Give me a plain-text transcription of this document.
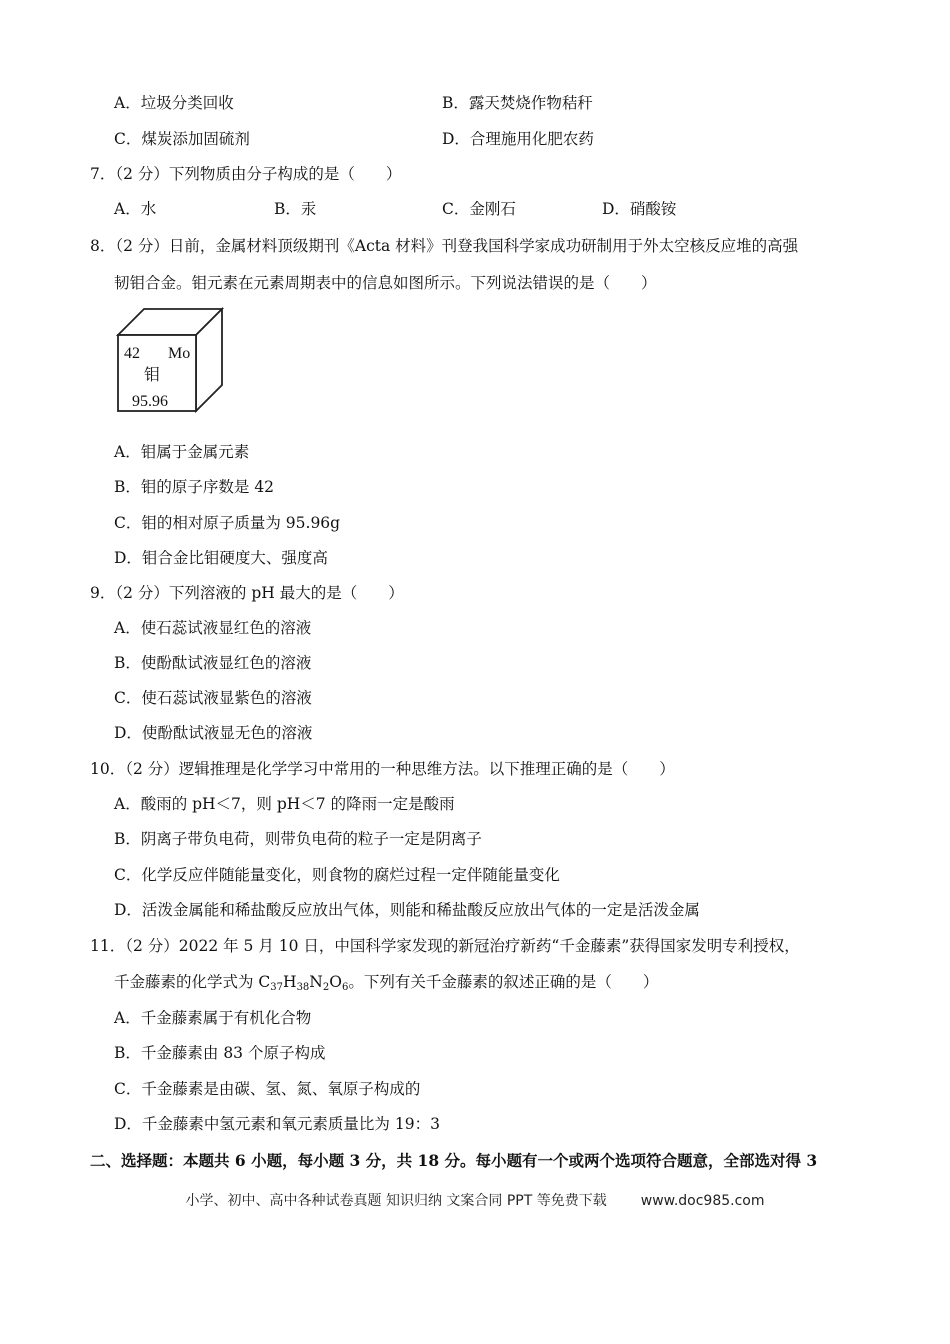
A．垃圾分类回收	B．露天焚烧作物秸秆
C．煤炭添加固硫剂	D．合理施用化肥农药
7．（2 分）下列物质由分子构成的是（　　）
A．水	B．汞	C．金刚石	D．硝酸铵
8．（2 分）日前，金属材料顶级期刊《Acta 材料》刊登我国科学家成功研制用于外太空核反应堆的高强
韧钼合金。钼元素在元素周期表中的信息如图所示。下列说法错误的是（　　）
42 Mo
钼
95.96
A．钼属于金属元素
B．钼的原子序数是 42
C．钼的相对原子质量为 95.96g
D．钼合金比钼硬度大、强度高
9．（2 分）下列溶液的 pH 最大的是（　　）
A．使石蕊试液显红色的溶液
B．使酚酞试液显红色的溶液
C．使石蕊试液显紫色的溶液
D．使酚酞试液显无色的溶液
10．（2 分）逻辑推理是化学学习中常用的一种思维方法。以下推理正确的是（　　）
A．酸雨的 pH＜7，则 pH＜7 的降雨一定是酸雨
B．阴离子带负电荷，则带负电荷的粒子一定是阴离子
C．化学反应伴随能量变化，则食物的腐烂过程一定伴随能量变化
D．活泼金属能和稀盐酸反应放出气体，则能和稀盐酸反应放出气体的一定是活泼金属
11．（2 分）2022 年 5 月 10 日，中国科学家发现的新冠治疗新药“千金藤素”获得国家发明专利授权，
千金藤素的化学式为 $C_{37}H_{38}N_2O_6$。下列有关千金藤素的叙述正确的是（　　）
A．千金藤素属于有机化合物
B．千金藤素由 83 个原子构成
C．千金藤素是由碳、氢、氮、氧原子构成的
D．千金藤素中氢元素和氧元素质量比为 19：3
二、选择题：本题共 6 小题，每小题 3 分，共 18 分。每小题有一个或两个选项符合题意，全部选对得 3
小学、初中、高中各种试卷真题 知识归纳 文案合同 PPT 等免费下载 www.doc985.com
